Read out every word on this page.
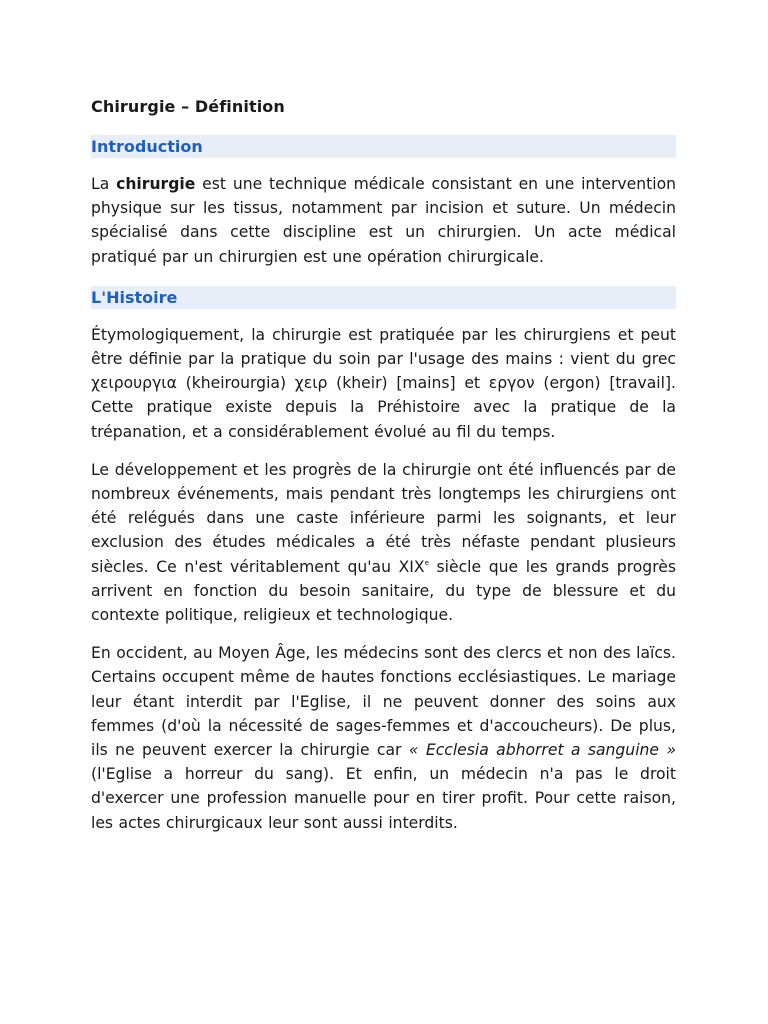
Chirurgie – Définition
Introduction

La chirurgie est une technique médicale consistant en une intervention physique sur les tissus, notamment par incision et suture. Un médecin spécialisé dans cette discipline est un chirurgien. Un acte médical pratiqué par un chirurgien est une opération chirurgicale.

L'Histoire

Étymologiquement, la chirurgie est pratiquée par les chirurgiens et peut être définie par la pratique du soin par l'usage des mains : vient du grec χειρουργια (kheirourgia) χειρ (kheir) [mains] et εργον (ergon) [travail]. Cette pratique existe depuis la Préhistoire avec la pratique de la trépanation, et a considérablement évolué au fil du temps.

Le développement et les progrès de la chirurgie ont été influencés par de nombreux événements, mais pendant très longtemps les chirurgiens ont été relégués dans une caste inférieure parmi les soignants, et leur exclusion des études médicales a été très néfaste pendant plusieurs siècles. Ce n'est véritablement qu'au XIXe siècle que les grands progrès arrivent en fonction du besoin sanitaire, du type de blessure et du contexte politique, religieux et technologique.

En occident, au Moyen Âge, les médecins sont des clercs et non des laïcs. Certains occupent même de hautes fonctions ecclésiastiques. Le mariage leur étant interdit par l'Eglise, il ne peuvent donner des soins aux femmes (d'où la nécessité de sages-femmes et d'accoucheurs). De plus, ils ne peuvent exercer la chirurgie car « Ecclesia abhorret a sanguine » (l'Eglise a horreur du sang). Et enfin, un médecin n'a pas le droit d'exercer une profession manuelle pour en tirer profit. Pour cette raison, les actes chirurgicaux leur sont aussi interdits.
